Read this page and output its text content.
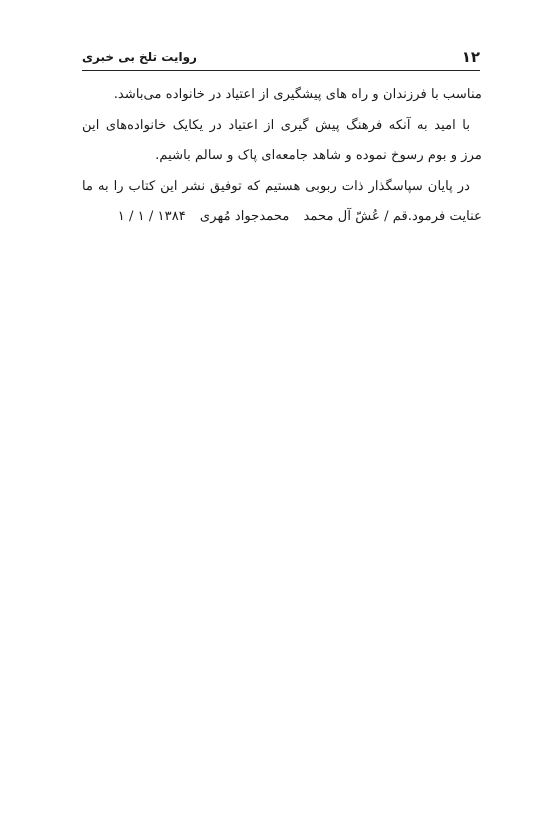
۱۲
روایت تلخ بی خبری

مناسب با فرزندان و راه های پیشگیری از اعتیاد در خانواده می‌باشد.

با امید به آنکه فرهنگ پیش گیری از اعتیاد در یکایک خانواده‌های این
مرز و بوم رسوخ نموده و شاهد جامعه‌ای پاک و سالم باشیم.

در پایان سپاسگذار ذات ربوبی هستیم که توفیق نشر این کتاب را به ما
عنایت فرمود.قم / عُش‌ّ آل محمد
محمدجواد مُهری
۱۳۸۴ / ۱ / ۱
